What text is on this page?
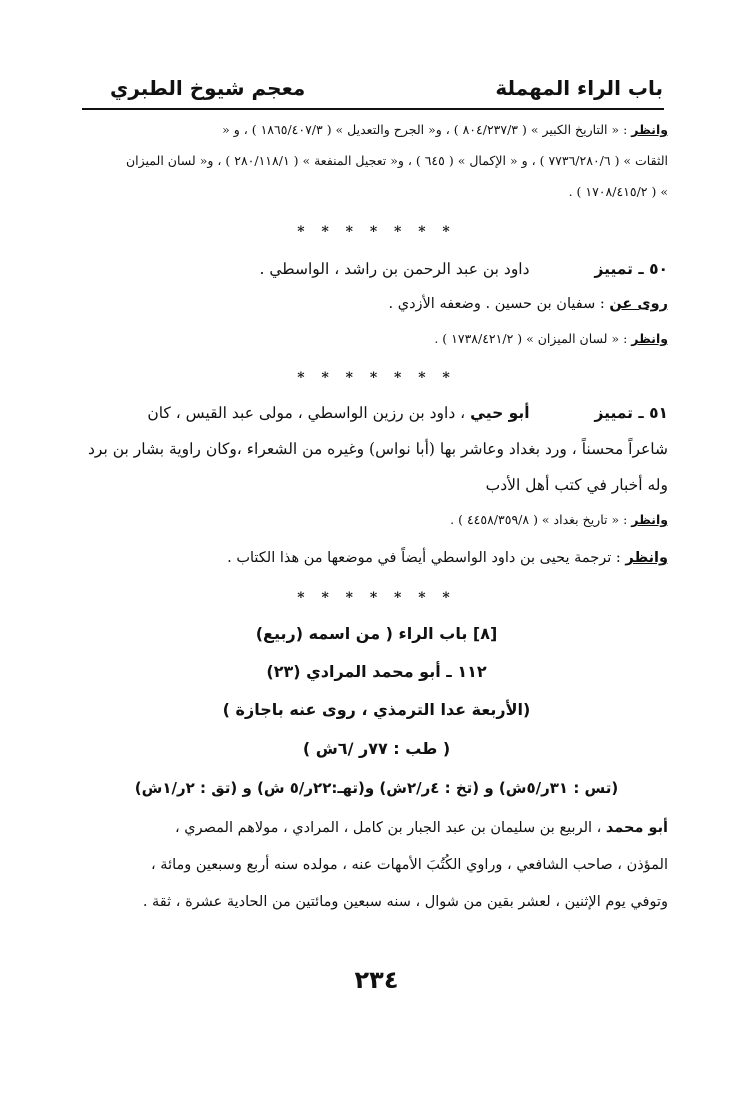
باب الراء المهملة
معجم شيوخ الطبري
وانظر : « التاريخ الكبير » ( ٨٠٤/٢٣٧/٣ ) ، و« الجرح والتعديل » ( ١٨٦٥/٤٠٧/٣ ) ، و «
الثقات » ( ٧٧٣٦/٢٨٠/٦ ) ، و « الإكمال » ( ٦٤٥ ) ، و« تعجيل المنفعة » ( ٢٨٠/١١٨/١ ) ، و« لسان الميزان
» ( ١٧٠٨/٤١٥/٢ ) .
* * * * * * *
٥٠ ـ تمييز داود بن عبد الرحمن بن راشد ، الواسطي .
روى عن : سفيان بن حسين . وضعفه الأزدي .
وانظر : « لسان الميزان » ( ١٧٣٨/٤٢١/٢ ) .
* * * * * * *
٥١ ـ تمييز أبو حيي ، داود بن رزين الواسطي ، مولى عبد القيس ، كان
شاعراً محسناً ، ورد بغداد وعاشر بها (أبا نواس) وغيره من الشعراء ،وكان راوية بشار بن برد
وله أخبار في كتب أهل الأدب
وانظر : « تاريخ بغداد » ( ٤٤٥٨/٣٥٩/٨ ) .
وانظر : ترجمة يحيى بن داود الواسطي أيضاً في موضعها من هذا الكتاب .
* * * * * * *
[٨] باب الراء ( من اسمه (ربيع)
١١٢ ـ أبو محمد المرادي (٢٣)
(الأربعة عدا الترمذي ، روى عنه باجازة )
( طب : ٧٧ر /٦ش )
(تس : ٣١ر/٥ش) و (تخ : ٤ر/٢ش) و(تهـ:٢٢ر/٥ ش) و (تق : ٢ر/١ش)
أبو محمد ، الربيع بن سليمان بن عبد الجبار بن كامل ، المرادي ، مولاهم المصري ،
المؤذن ، صاحب الشافعي ، وراوي الكُتُبَ الأمهات عنه ، مولده سنه أربع وسبعين ومائة ،
وتوفي يوم الإثنين ، لعشر بقين من شوال ، سنه سبعين ومائتين من الحادية عشرة ، ثقة .
٢٣٤
